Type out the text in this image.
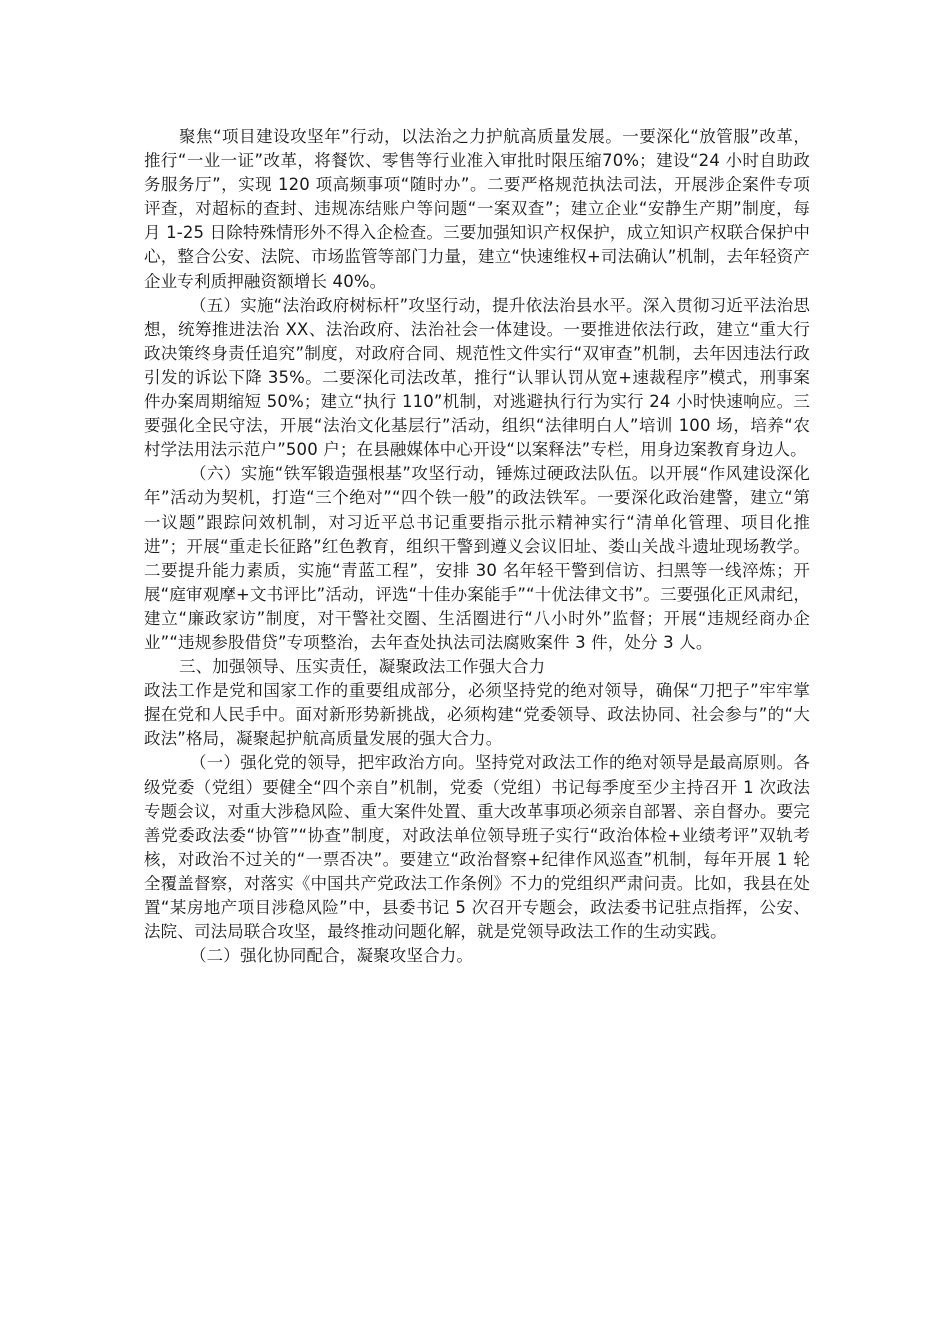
聚焦“项目建设攻坚年”行动，以法治之力护航高质量发展。一要深化“放管服”改革，推行“一业一证”改革，将餐饮、零售等行业准入审批时限压缩70%；建设“24 小时自助政务服务厅”，实现 120 项高频事项“随时办”。二要严格规范执法司法，开展涉企案件专项评查，对超标的查封、违规冻结账户等问题“一案双查”；建立企业“安静生产期”制度，每月 1-25 日除特殊情形外不得入企检查。三要加强知识产权保护，成立知识产权联合保护中心，整合公安、法院、市场监管等部门力量，建立“快速维权+司法确认”机制，去年轻资产企业专利质押融资额增长 40%。

（五）实施“法治政府树标杆”攻坚行动，提升依法治县水平。深入贯彻习近平法治思想，统筹推进法治 XX、法治政府、法治社会一体建设。一要推进依法行政，建立“重大行政决策终身责任追究”制度，对政府合同、规范性文件实行“双审查”机制，去年因违法行政引发的诉讼下降 35%。二要深化司法改革，推行“认罪认罚从宽+速裁程序”模式，刑事案件办案周期缩短 50%；建立“执行 110”机制，对逃避执行行为实行 24 小时快速响应。三要强化全民守法，开展“法治文化基层行”活动，组织“法律明白人”培训 100 场，培养“农村学法用法示范户”500 户；在县融媒体中心开设“以案释法”专栏，用身边案教育身边人。

（六）实施“铁军锻造强根基”攻坚行动，锤炼过硬政法队伍。以开展“作风建设深化年”活动为契机，打造“三个绝对”“四个铁一般”的政法铁军。一要深化政治建警，建立“第一议题”跟踪问效机制，对习近平总书记重要指示批示精神实行“清单化管理、项目化推进”；开展“重走长征路”红色教育，组织干警到遵义会议旧址、娄山关战斗遗址现场教学。二要提升能力素质，实施“青蓝工程”，安排 30 名年轻干警到信访、扫黑等一线淬炼；开展“庭审观摩+文书评比”活动，评选“十佳办案能手”“十优法律文书”。三要强化正风肃纪，建立“廉政家访”制度，对干警社交圈、生活圈进行“八小时外”监督；开展“违规经商办企业”“违规参股借贷”专项整治，去年查处执法司法腐败案件 3 件，处分 3 人。

三、加强领导、压实责任，凝聚政法工作强大合力

政法工作是党和国家工作的重要组成部分，必须坚持党的绝对领导，确保“刀把子”牢牢掌握在党和人民手中。面对新形势新挑战，必须构建“党委领导、政法协同、社会参与”的“大政法”格局，凝聚起护航高质量发展的强大合力。

（一）强化党的领导，把牢政治方向。坚持党对政法工作的绝对领导是最高原则。各级党委（党组）要健全“四个亲自”机制，党委（党组）书记每季度至少主持召开 1 次政法专题会议，对重大涉稳风险、重大案件处置、重大改革事项必须亲自部署、亲自督办。要完善党委政法委“协管”“协查”制度，对政法单位领导班子实行“政治体检+业绩考评”双轨考核，对政治不过关的“一票否决”。要建立“政治督察+纪律作风巡查”机制，每年开展 1 轮全覆盖督察，对落实《中国共产党政法工作条例》不力的党组织严肃问责。比如，我县在处置“某房地产项目涉稳风险”中，县委书记 5 次召开专题会，政法委书记驻点指挥，公安、法院、司法局联合攻坚，最终推动问题化解，就是党领导政法工作的生动实践。

（二）强化协同配合，凝聚攻坚合力。
